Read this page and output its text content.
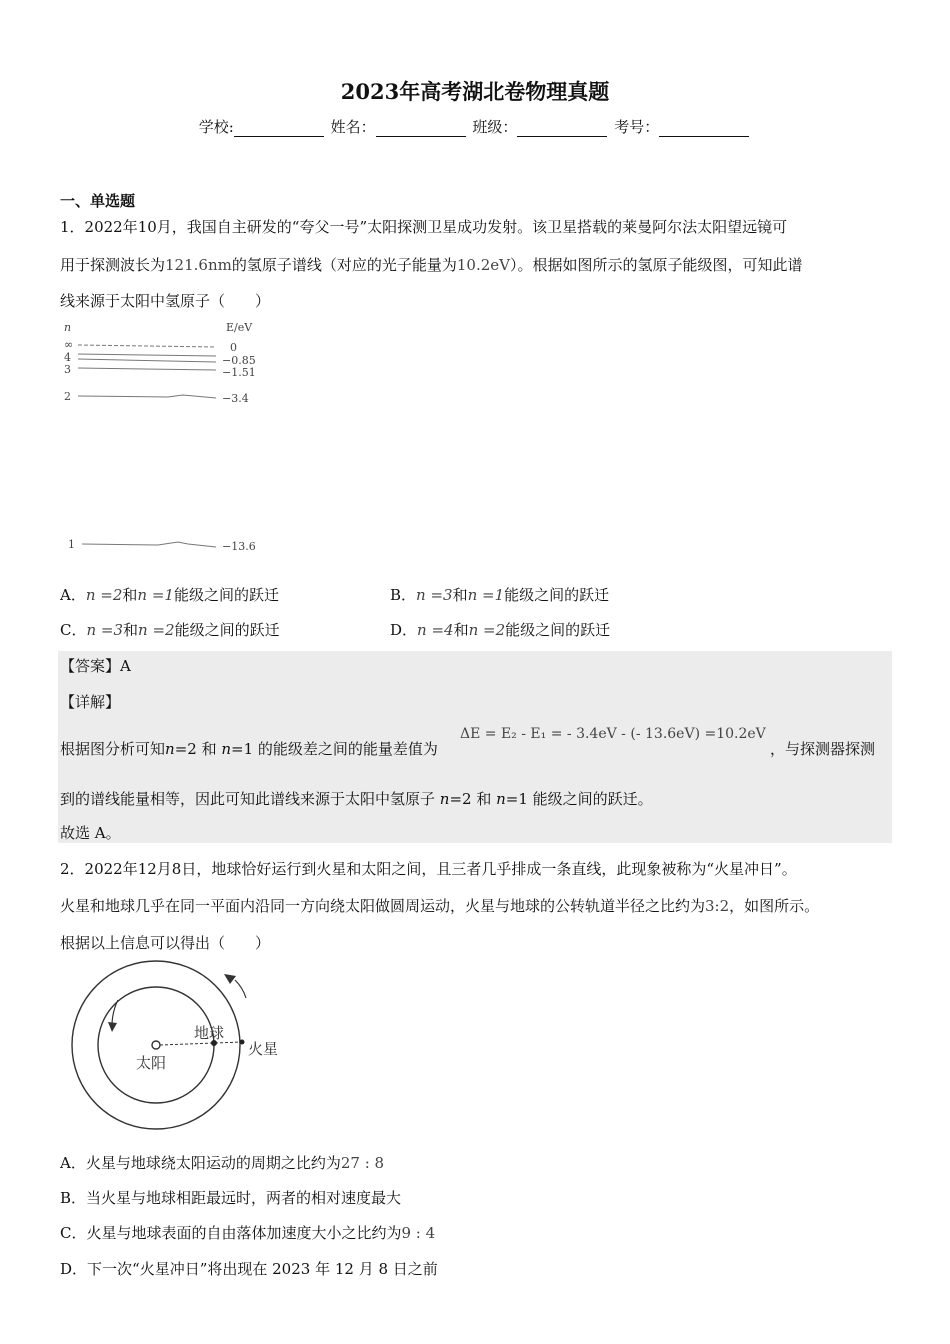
2023年高考湖北卷物理真题
学校:	姓名：	班级：	考号：
一、单选题
1．2022年10月，我国自主研发的“夸父一号”太阳探测卫星成功发射。该卫星搭载的莱曼阿尔法太阳望远镜可
用于探测波长为121.6nm的氢原子谱线（对应的光子能量为10.2eV）。根据如图所示的氢原子能级图，可知此谱
线来源于太阳中氢原子（　　）
n	E/eV
∞
4
3
2
1
0
−0.85
−1.51
−3.4
−13.6
A．n =2和n =1能级之间的跃迁	B．n =3和n =1能级之间的跃迁
C．n =3和n =2能级之间的跃迁	D．n =4和n =2能级之间的跃迁
【答案】A
【详解】
根据图分析可知n=2 和 n=1 的能级差之间的能量差值为
ΔE = E₂ - E₁ = - 3.4eV - (- 13.6eV) =10.2eV
，与探测器探测
到的谱线能量相等，因此可知此谱线来源于太阳中氢原子 n=2 和 n=1 能级之间的跃迁。
故选 A。
2．2022年12月8日，地球恰好运行到火星和太阳之间，且三者几乎排成一条直线，此现象被称为“火星冲日”。
火星和地球几乎在同一平面内沿同一方向绕太阳做圆周运动，火星与地球的公转轨道半径之比约为3:2，如图所示。
根据以上信息可以得出（　　）
地球
火星
太阳
A．火星与地球绕太阳运动的周期之比约为27 : 8
B．当火星与地球相距最远时，两者的相对速度最大
C．火星与地球表面的自由落体加速度大小之比约为9 : 4
D．下一次“火星冲日”将出现在 2023 年 12 月 8 日之前
